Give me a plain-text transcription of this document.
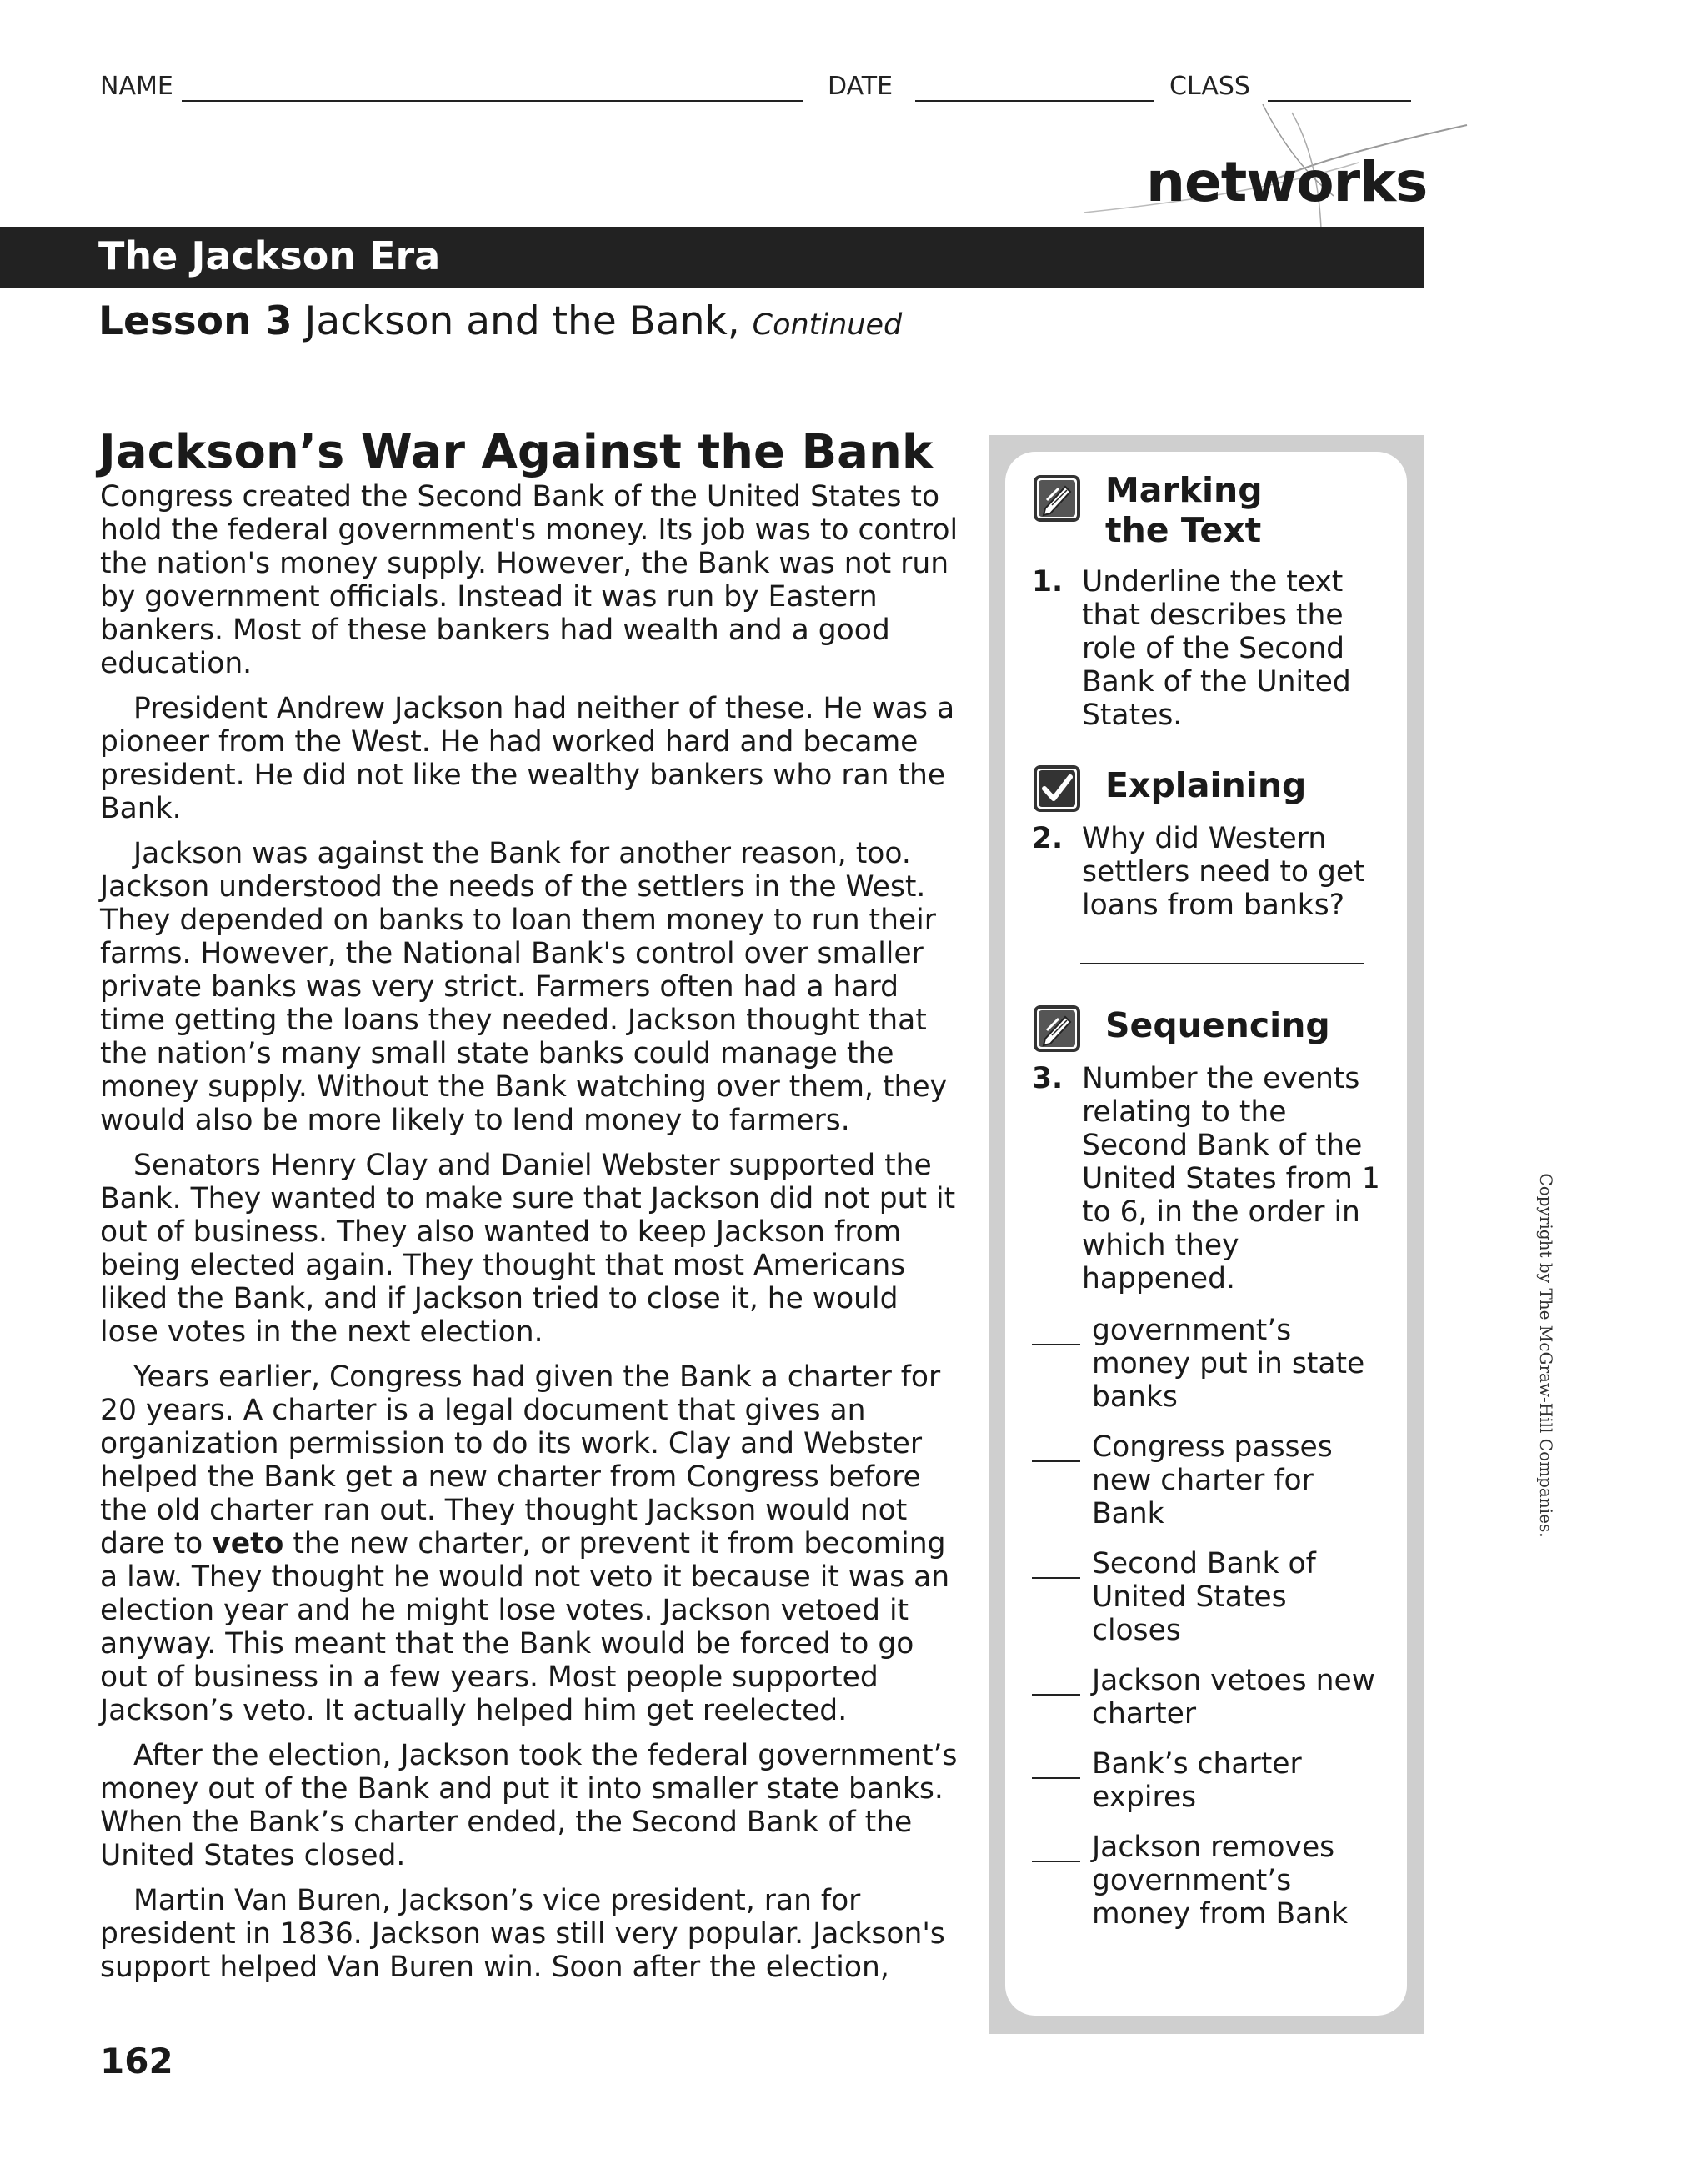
NAME	DATE	CLASS
networks
The Jackson Era
Lesson 3 Jackson and the Bank, Continued
Jackson’s War Against the Bank

Congress created the Second Bank of the United States to hold the federal government's money. Its job was to control the nation's money supply. However, the Bank was not run by government officials. Instead it was run by Eastern bankers. Most of these bankers had wealth and a good education.

President Andrew Jackson had neither of these. He was a pioneer from the West. He had worked hard and became president. He did not like the wealthy bankers who ran the Bank.

Jackson was against the Bank for another reason, too. Jackson understood the needs of the settlers in the West. They depended on banks to loan them money to run their farms. However, the National Bank's control over smaller private banks was very strict. Farmers often had a hard time getting the loans they needed. Jackson thought that the nation’s many small state banks could manage the money supply. Without the Bank watching over them, they would also be more likely to lend money to farmers.

Senators Henry Clay and Daniel Webster supported the Bank. They wanted to make sure that Jackson did not put it out of business. They also wanted to keep Jackson from being elected again. They thought that most Americans liked the Bank, and if Jackson tried to close it, he would lose votes in the next election.

Years earlier, Congress had given the Bank a charter for 20 years. A charter is a legal document that gives an organization permission to do its work. Clay and Webster helped the Bank get a new charter from Congress before the old charter ran out. They thought Jackson would not dare to veto the new charter, or prevent it from becoming a law. They thought he would not veto it because it was an election year and he might lose votes. Jackson vetoed it anyway. This meant that the Bank would be forced to go out of business in a few years. Most people supported Jackson’s veto. It actually helped him get reelected.

After the election, Jackson took the federal government’s money out of the Bank and put it into smaller state banks. When the Bank’s charter ended, the Second Bank of the United States closed.

Martin Van Buren, Jackson’s vice president, ran for president in 1836. Jackson was still very popular. Jackson's support helped Van Buren win. Soon after the election,

162
Copyright by The McGraw-Hill Companies.
Marking
the Text
1. Underline the text that describes the role of the Second Bank of the United States.
Explaining
2. Why did Western settlers need to get loans from banks?
Sequencing
3. Number the events relating to the Second Bank of the United States from 1 to 6, in the order in which they happened.
government’s money put in state banks
Congress passes new charter for Bank
Second Bank of United States closes
Jackson vetoes new charter
Bank’s charter expires
Jackson removes government’s money from Bank
